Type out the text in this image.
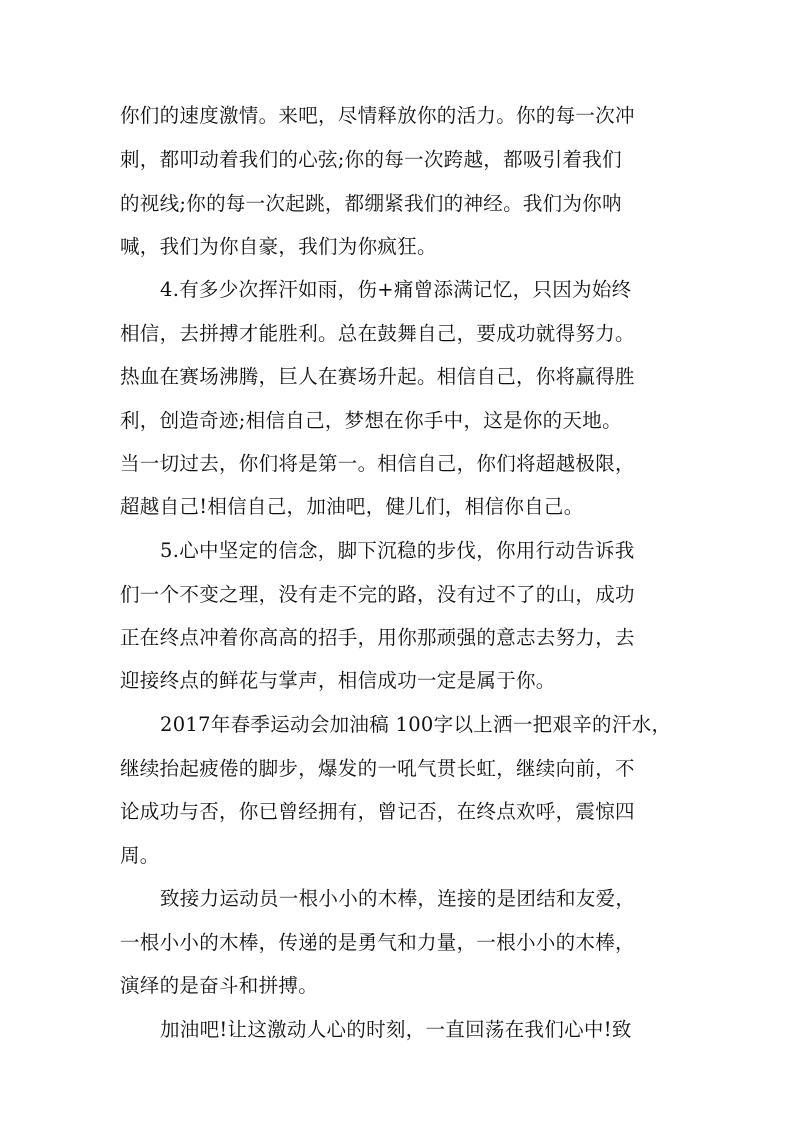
你们的速度激情。来吧，尽情释放你的活力。你的每一次冲
刺，都叩动着我们的心弦;你的每一次跨越，都吸引着我们
的视线;你的每一次起跳，都绷紧我们的神经。我们为你呐
喊，我们为你自豪，我们为你疯狂。
4.有多少次挥汗如雨，伤+痛曾添满记忆，只因为始终
相信，去拼搏才能胜利。总在鼓舞自己，要成功就得努力。
热血在赛场沸腾，巨人在赛场升起。相信自己，你将赢得胜
利，创造奇迹;相信自己，梦想在你手中，这是你的天地。
当一切过去，你们将是第一。相信自己，你们将超越极限，
超越自己!相信自己，加油吧，健儿们，相信你自己。
5.心中坚定的信念，脚下沉稳的步伐，你用行动告诉我
们一个不变之理，没有走不完的路，没有过不了的山，成功
正在终点冲着你高高的招手，用你那顽强的意志去努力，去
迎接终点的鲜花与掌声，相信成功一定是属于你。
2017年春季运动会加油稿 100字以上洒一把艰辛的汗水，
继续抬起疲倦的脚步，爆发的一吼气贯长虹，继续向前，不
论成功与否，你已曾经拥有，曾记否，在终点欢呼，震惊四
周。
致接力运动员一根小小的木棒，连接的是团结和友爱，
一根小小的木棒，传递的是勇气和力量，一根小小的木棒，
演绎的是奋斗和拼搏。
加油吧!让这激动人心的时刻，一直回荡在我们心中!致
